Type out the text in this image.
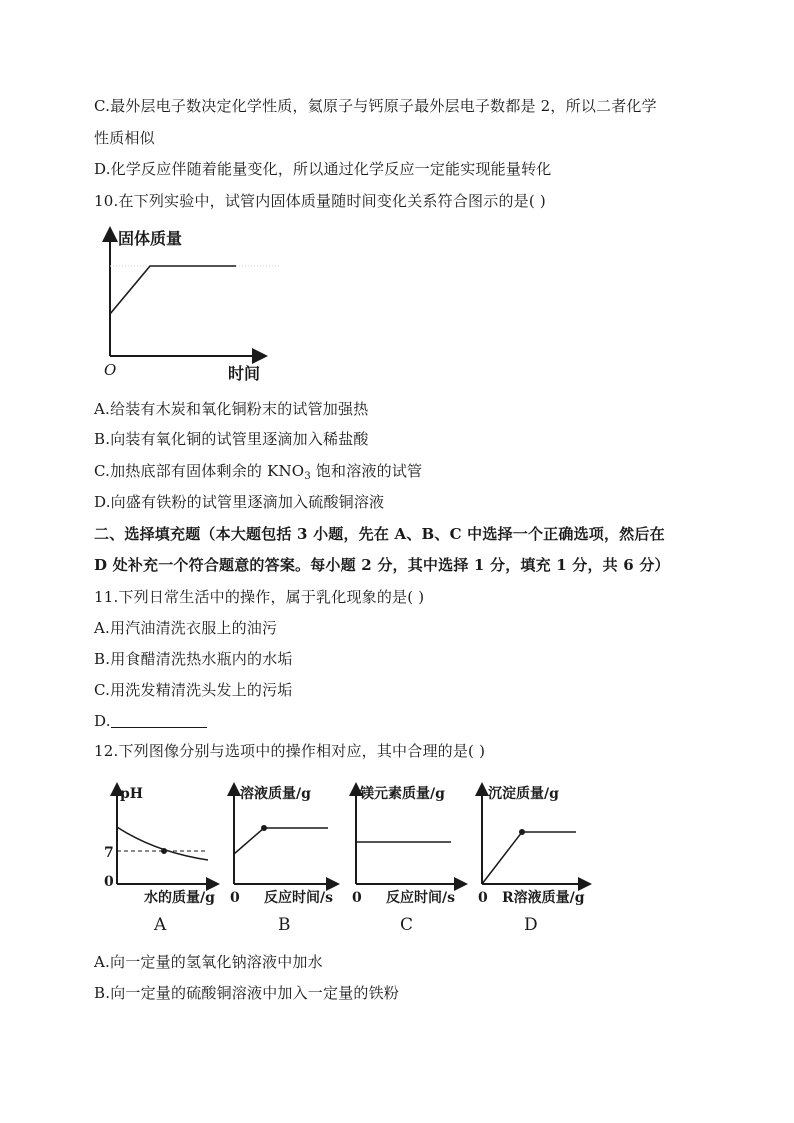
C.最外层电子数决定化学性质，氦原子与钙原子最外层电子数都是 2，所以二者化学
性质相似
D.化学反应伴随着能量变化，所以通过化学反应一定能实现能量转化
10.在下列实验中，试管内固体质量随时间变化关系符合图示的是( )
固体质量
O	时间
A.给装有木炭和氧化铜粉末的试管加强热
B.向装有氧化铜的试管里逐滴加入稀盐酸
C.加热底部有固体剩余的 $KNO_3$ 饱和溶液的试管
D.向盛有铁粉的试管里逐滴加入硫酸铜溶液
二、选择填充题（本大题包括 3 小题，先在 A、B、C 中选择一个正确选项，然后在
D 处补充一个符合题意的答案。每小题 2 分，其中选择 1 分，填充 1 分，共 6 分）
11.下列日常生活中的操作，属于乳化现象的是( )
A.用汽油清洗衣服上的油污
B.用食醋清洗热水瓶内的水垢
C.用洗发精清洗头发上的污垢
D.
12.下列图像分别与选项中的操作相对应，其中合理的是( )
pH
7
0
水的质量/g
A
溶液质量/g
0 反应时间/s
B
镁元素质量/g
0 反应时间/s
C
沉淀质量/g
0 R溶液质量/g
D
A.向一定量的氢氧化钠溶液中加水
B.向一定量的硫酸铜溶液中加入一定量的铁粉
